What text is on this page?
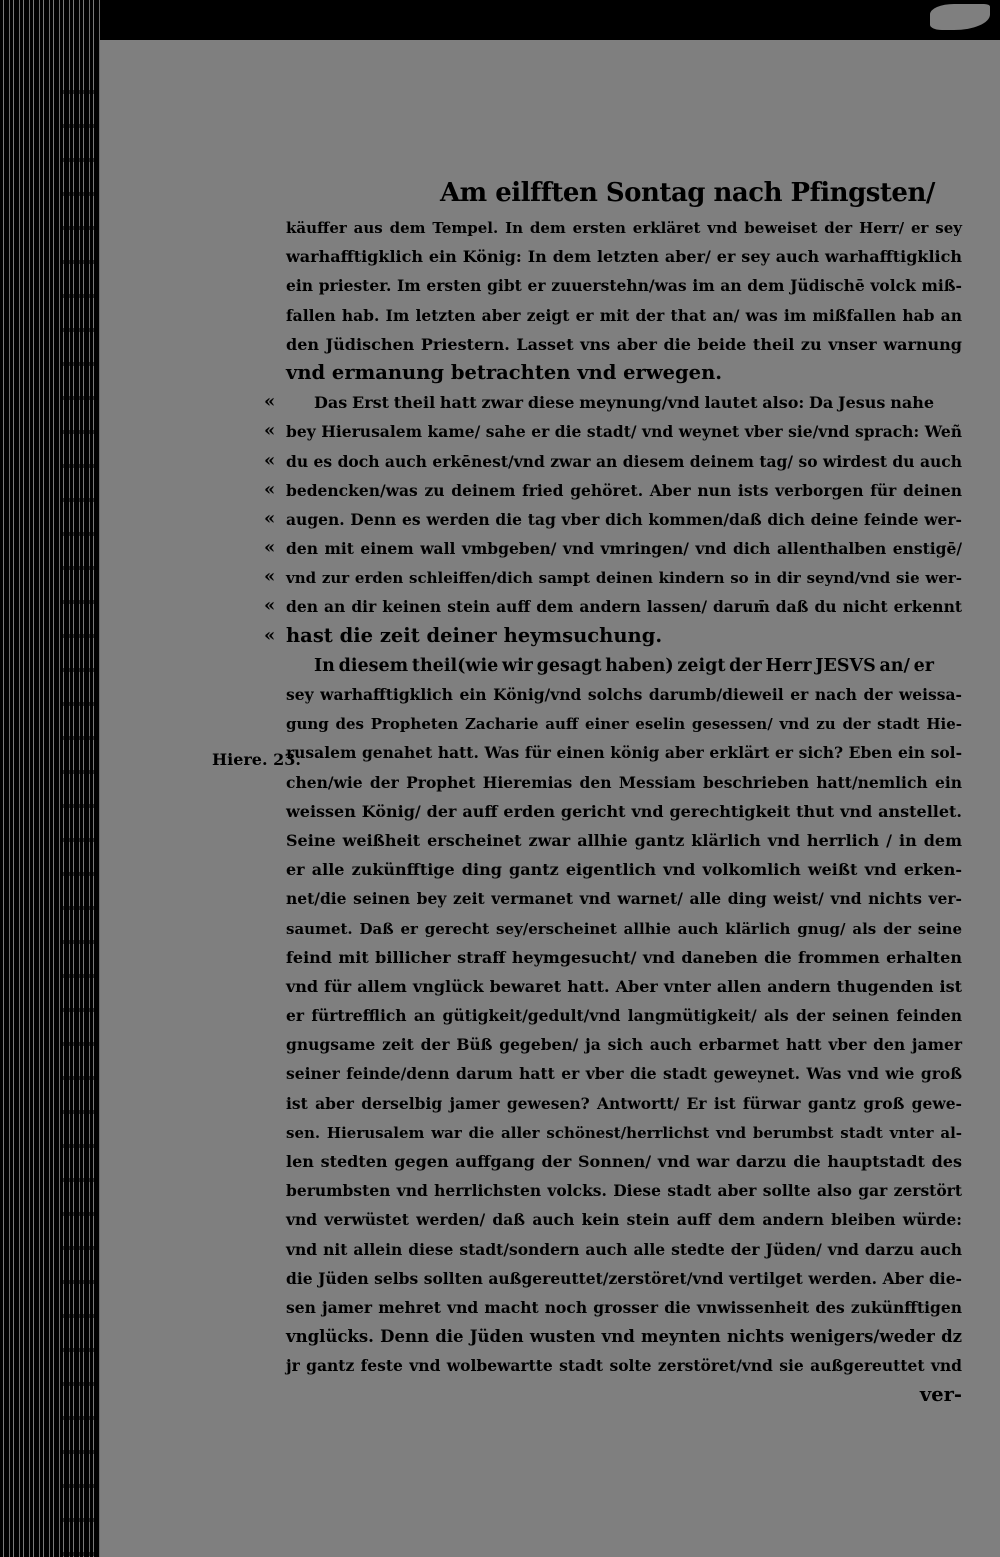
Am eilfften Sontag nach Pfingsten/
Hiere. 23.
käuffer aus dem Tempel. In dem ersten erkläret vnd beweiset der Herr/ er sey
warhafftigklich ein König: In dem letzten aber/ er sey auch warhafftigklich
ein priester. Im ersten gibt er zuuerstehn/was im an dem Jüdischē volck miß-
fallen hab. Im letzten aber zeigt er mit der that an/ was im mißfallen hab an
den Jüdischen Priestern. Lasset vns aber die beide theil zu vnser warnung
vnd ermanung betrachten vnd erwegen.
« Das Erst theil hatt zwar diese meynung/vnd lautet also: Da Jesus nahe
« bey Hierusalem kame/ sahe er die stadt/ vnd weynet vber sie/vnd sprach: Weñ
« du es doch auch erkēnest/vnd zwar an diesem deinem tag/ so wirdest du auch
« bedencken/was zu deinem fried gehöret. Aber nun ists verborgen für deinen
« augen. Denn es werden die tag vber dich kommen/daß dich deine feinde wer-
« den mit einem wall vmbgeben/ vnd vmringen/ vnd dich allenthalben enstigē/
« vnd zur erden schleiffen/dich sampt deinen kindern so in dir seynd/vnd sie wer-
« den an dir keinen stein auff dem andern lassen/ darum̄ daß du nicht erkennt
« hast die zeit deiner heymsuchung.
In diesem theil(wie wir gesagt haben) zeigt der Herr JESVS an/ er
sey warhafftigklich ein König/vnd solchs darumb/dieweil er nach der weissa-
gung des Propheten Zacharie auff einer eselin gesessen/ vnd zu der stadt Hie-
rusalem genahet hatt. Was für einen könig aber erklärt er sich? Eben ein sol-
chen/wie der Prophet Hieremias den Messiam beschrieben hatt/nemlich ein
weissen König/ der auff erden gericht vnd gerechtigkeit thut vnd anstellet.
Seine weißheit erscheinet zwar allhie gantz klärlich vnd herrlich / in dem
er alle zukünfftige ding gantz eigentlich vnd volkomlich weißt vnd erken-
net/die seinen bey zeit vermanet vnd warnet/ alle ding weist/ vnd nichts ver-
saumet. Daß er gerecht sey/erscheinet allhie auch klärlich gnug/ als der seine
feind mit billicher straff heymgesucht/ vnd daneben die frommen erhalten
vnd für allem vnglück bewaret hatt. Aber vnter allen andern thugenden ist
er fürtrefflich an gütigkeit/gedult/vnd langmütigkeit/ als der seinen feinden
gnugsame zeit der Büß gegeben/ ja sich auch erbarmet hatt vber den jamer
seiner feinde/denn darum hatt er vber die stadt geweynet. Was vnd wie groß
ist aber derselbig jamer gewesen? Antwortt/ Er ist fürwar gantz groß gewe-
sen. Hierusalem war die aller schönest/herrlichst vnd berumbst stadt vnter al-
len stedten gegen auffgang der Sonnen/ vnd war darzu die hauptstadt des
berumbsten vnd herrlichsten volcks. Diese stadt aber sollte also gar zerstört
vnd verwüstet werden/ daß auch kein stein auff dem andern bleiben würde:
vnd nit allein diese stadt/sondern auch alle stedte der Jüden/ vnd darzu auch
die Jüden selbs sollten außgereuttet/zerstöret/vnd vertilget werden. Aber die-
sen jamer mehret vnd macht noch grosser die vnwissenheit des zukünfftigen
vnglücks. Denn die Jüden wusten vnd meynten nichts wenigers/weder dz
jr gantz feste vnd wolbewartte stadt solte zerstöret/vnd sie außgereuttet vnd
ver-
